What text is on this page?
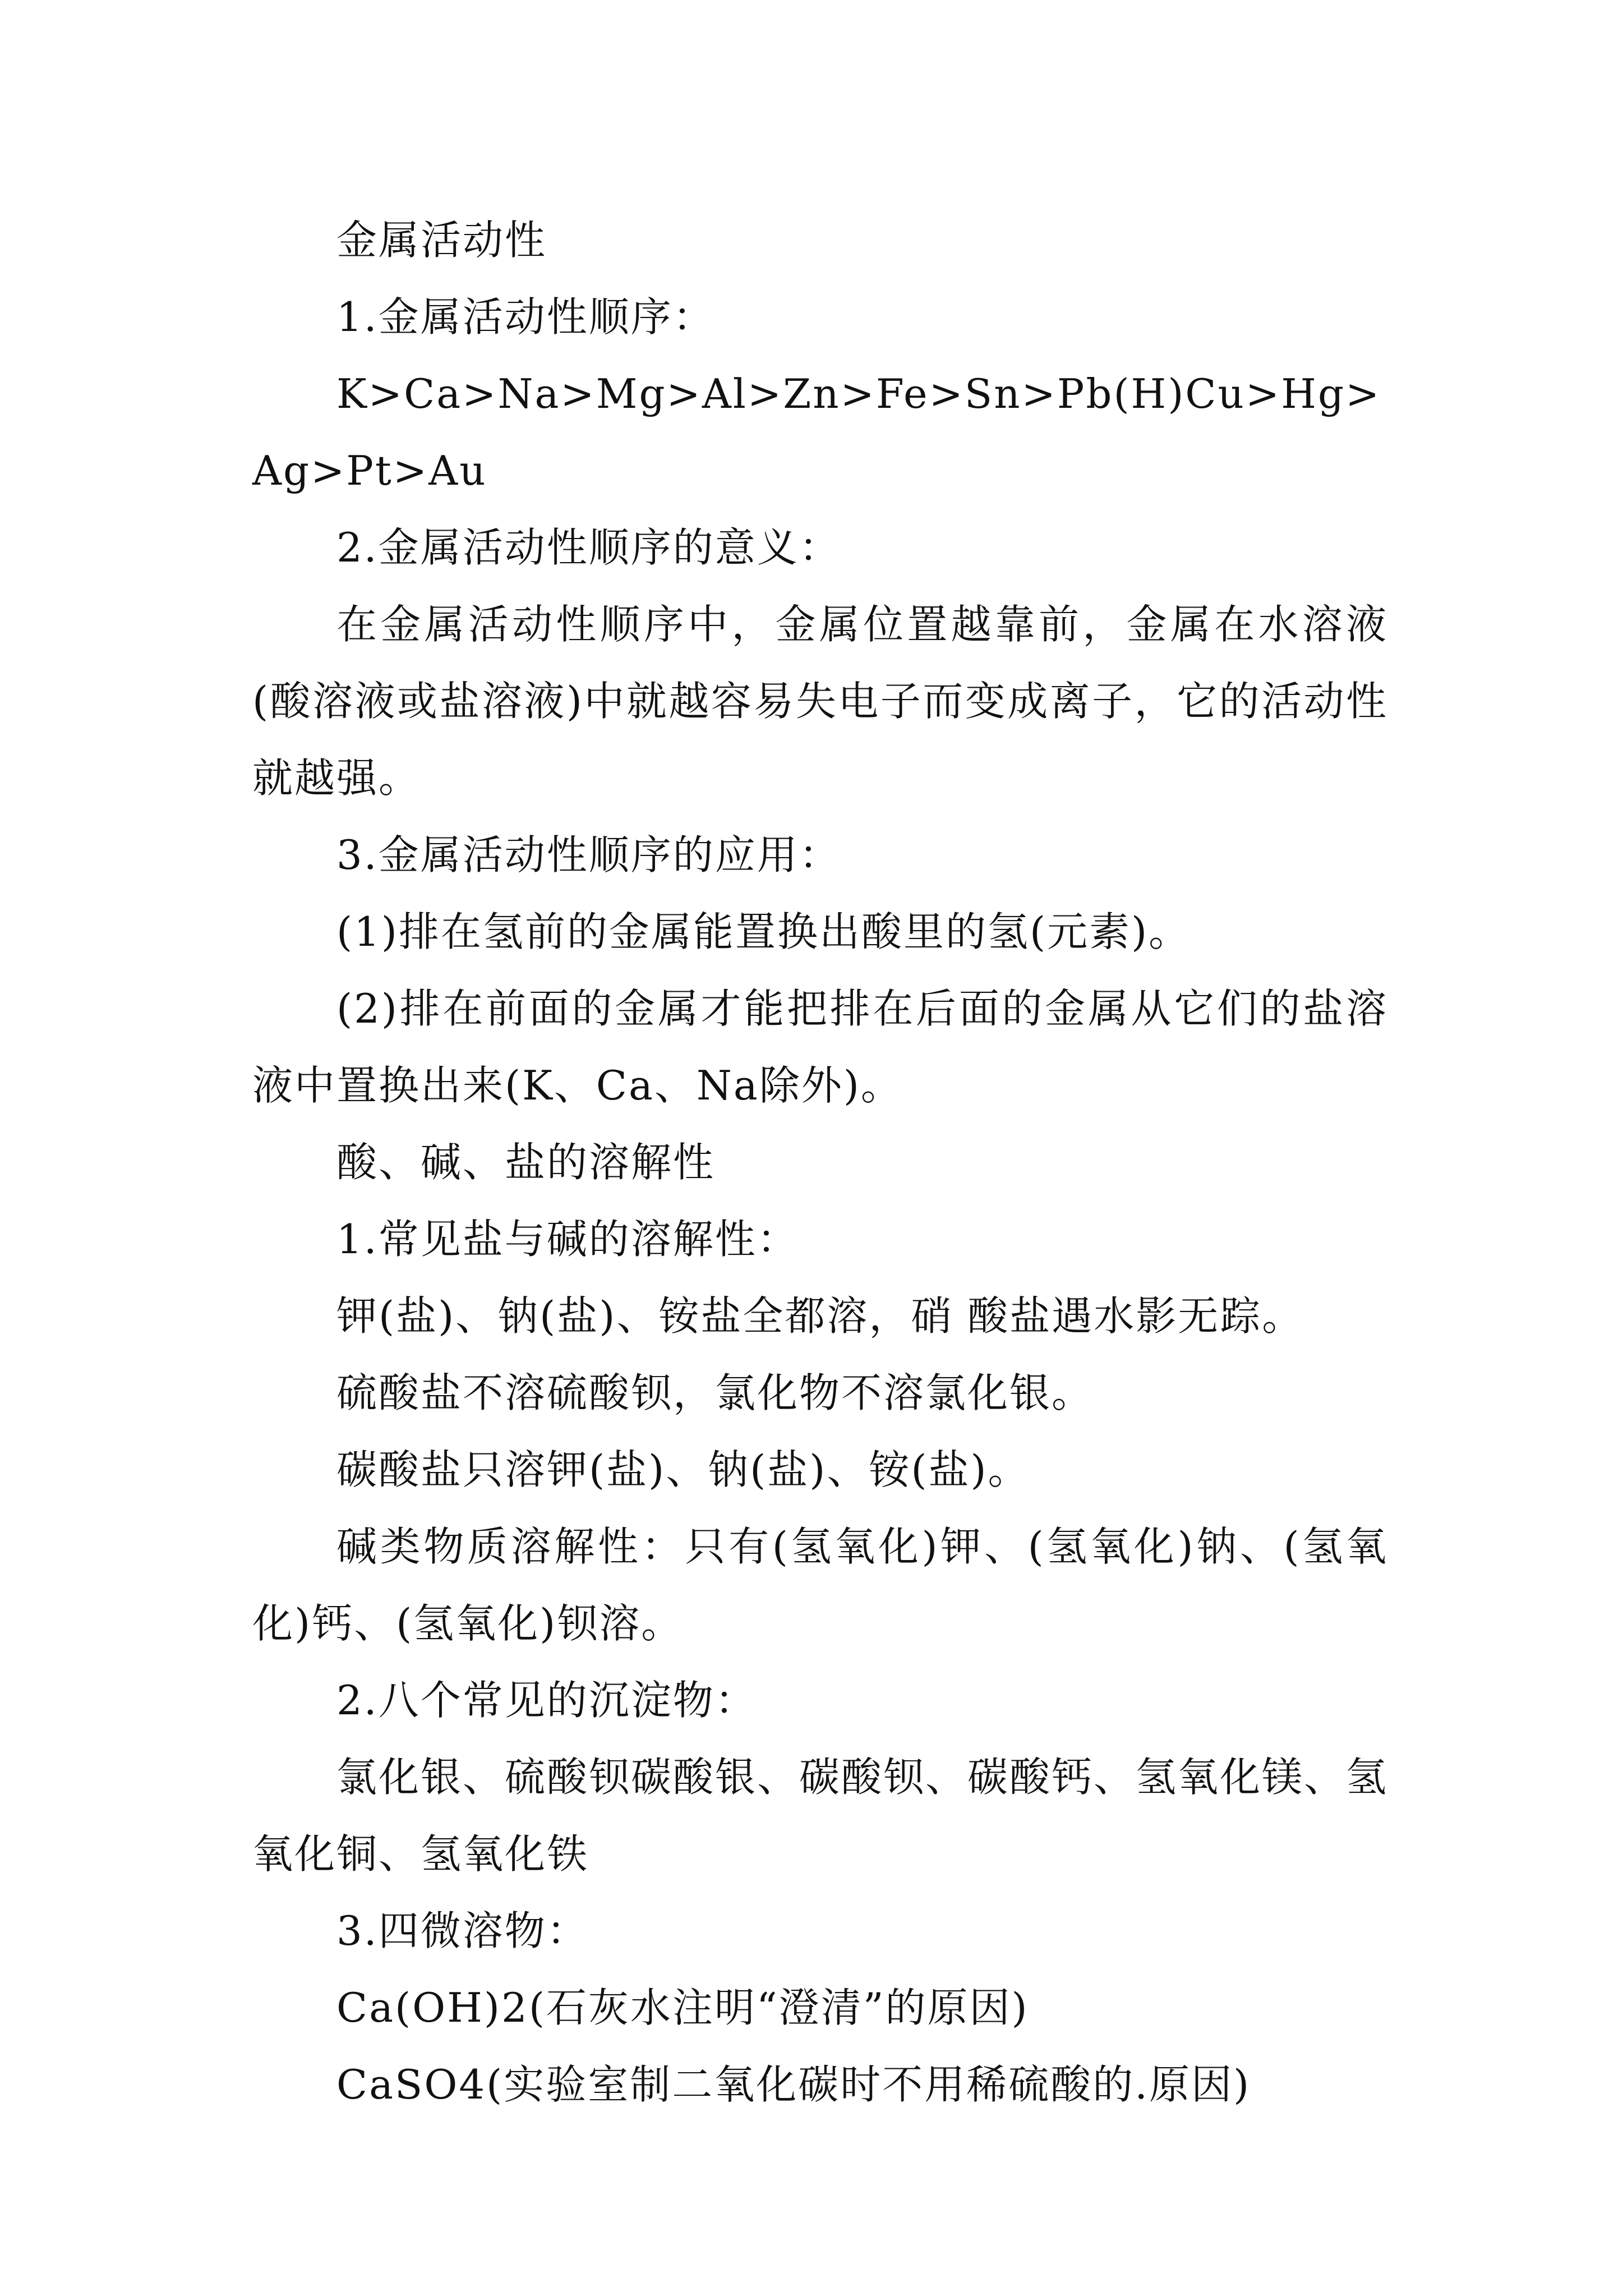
金属活动性

1.金属活动性顺序：

K>Ca>Na>Mg>Al>Zn>Fe>Sn>Pb(H)Cu>Hg>Ag>Pt>Au

2.金属活动性顺序的意义：

在金属活动性顺序中，金属位置越靠前，金属在水溶液(酸溶液或盐溶液)中就越容易失电子而变成离子，它的活动性就越强。

3.金属活动性顺序的应用：

(1)排在氢前的金属能置换出酸里的氢(元素)。

(2)排在前面的金属才能把排在后面的金属从它们的盐溶液中置换出来(K、Ca、Na除外)。

酸、碱、盐的溶解性

1.常见盐与碱的溶解性：

钾(盐)、钠(盐)、铵盐全都溶，硝 酸盐遇水影无踪。

硫酸盐不溶硫酸钡，氯化物不溶氯化银。

碳酸盐只溶钾(盐)、钠(盐)、铵(盐)。

碱类物质溶解性：只有(氢氧化)钾、(氢氧化)钠、(氢氧化)钙、(氢氧化)钡溶。

2.八个常见的沉淀物：

氯化银、硫酸钡碳酸银、碳酸钡、碳酸钙、氢氧化镁、氢氧化铜、氢氧化铁

3.四微溶物：

Ca(OH)2(石灰水注明“澄清”的原因)

CaSO4(实验室制二氧化碳时不用稀硫酸的.原因)
